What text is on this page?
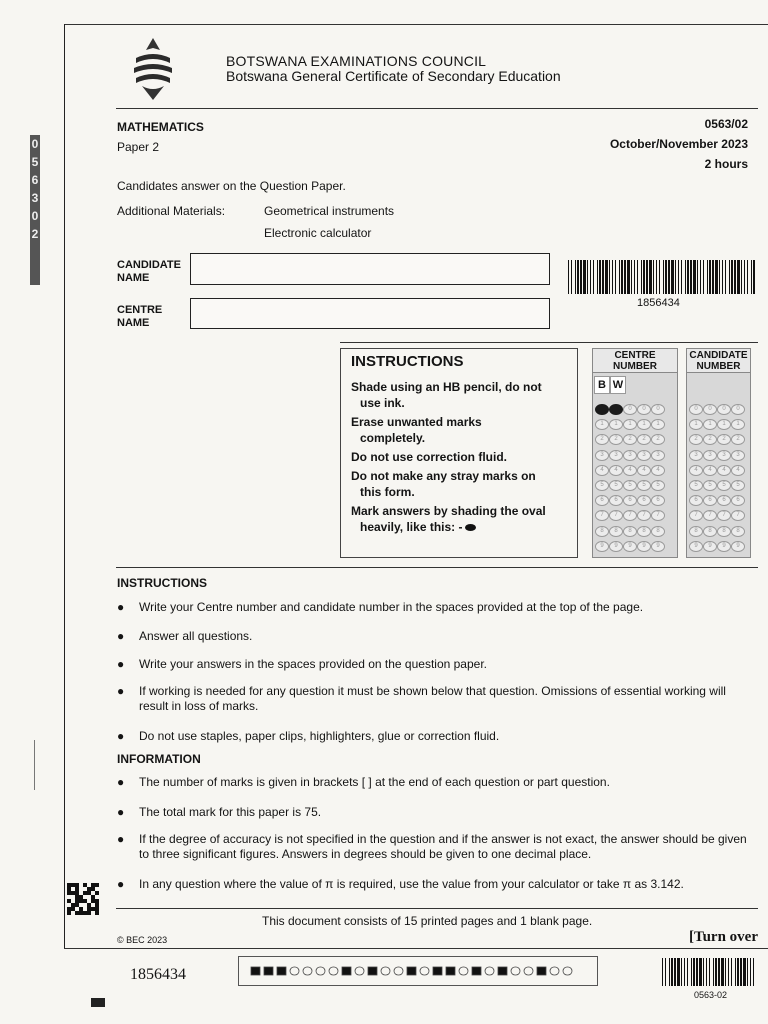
0
5
6
3
0
2
BOTSWANA EXAMINATIONS COUNCIL
Botswana General Certificate of Secondary Education
MATHEMATICS
Paper 2
0563/02
October/November 2023
2 hours
Candidates answer on the Question Paper.
Additional Materials:	Geometrical instruments
Electronic calculator
CANDIDATE
NAME
CENTRE
NAME
1856434
INSTRUCTIONS
Shade using an HB pencil, do not
use ink.
Erase unwanted marks
completely.
Do not use correction fluid.
Do not make any stray marks on
this form.
Mark answers by shading the oval
heavily, like this: -
CENTRE
NUMBER
B W
1
2
3
4
5
6
7
8
9
1
2
3
4
5
6
7
8
9
0
1
2
3
4
5
6
7
8
9
0
1
2
3
4
5
6
7
8
9
0
1
2
3
4
5
6
7
8
9
CANDIDATE
NUMBER
0
1
2
3
4
5
6
7
8
9
0
1
2
3
4
5
6
7
8
9
0
1
2
3
4
5
6
7
8
9
0
1
2
3
4
5
6
7
8
9
INSTRUCTIONS
● Write your Centre number and candidate number in the spaces provided at the top of the page.
● Answer all questions.
● Write your answers in the spaces provided on the question paper.
● If working is needed for any question it must be shown below that question. Omissions of essential working will result in loss of marks.
● Do not use staples, paper clips, highlighters, glue or correction fluid.
INFORMATION
● The number of marks is given in brackets [ ] at the end of each question or part question.
● The total mark for this paper is 75.
● If the degree of accuracy is not specified in the question and if the answer is not exact, the answer should be given to three significant figures. Answers in degrees should be given to one decimal place.
● In any question where the value of π is required, use the value from your calculator or take π as 3.142.
This document consists of 15 printed pages and 1 blank page.
© BEC 2023	[Turn over
1856434
0563-02
